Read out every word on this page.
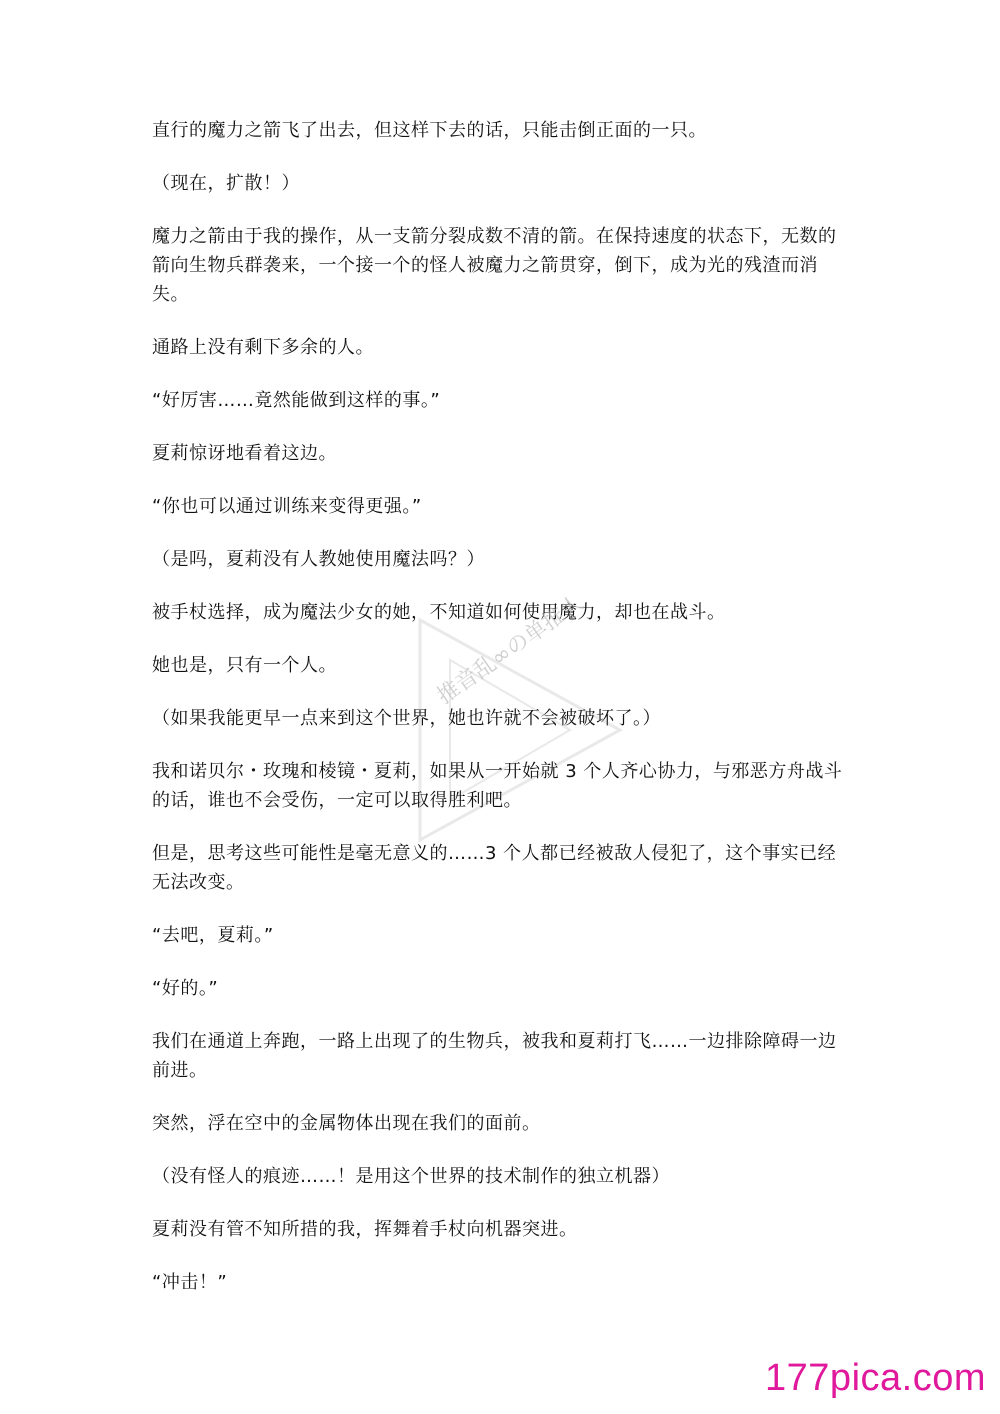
直行的魔力之箭飞了出去，但这样下去的话，只能击倒正面的一只。

（现在，扩散！）

魔力之箭由于我的操作，从一支箭分裂成数不清的箭。在保持速度的状态下，无数的箭向生物兵群袭来，一个接一个的怪人被魔力之箭贯穿，倒下，成为光的残渣而消失。

通路上没有剩下多余的人。

“好厉害……竟然能做到这样的事。”

夏莉惊讶地看着这边。

“你也可以通过训练来变得更强。”

（是吗，夏莉没有人教她使用魔法吗？）

被手杖选择，成为魔法少女的她，不知道如何使用魔力，却也在战斗。

她也是，只有一个人。

（如果我能更早一点来到这个世界，她也许就不会被破坏了。）

我和诺贝尔・玫瑰和棱镜・夏莉，如果从一开始就 3 个人齐心协力，与邪恶方舟战斗的话，谁也不会受伤，一定可以取得胜利吧。

但是，思考这些可能性是毫无意义的……3 个人都已经被敌人侵犯了，这个事实已经无法改变。

“去吧，夏莉。”

“好的。”

我们在通道上奔跑，一路上出现了的生物兵，被我和夏莉打飞……一边排除障碍一边前进。

突然，浮在空中的金属物体出现在我们的面前。

（没有怪人的痕迹……！是用这个世界的技术制作的独立机器）

夏莉没有管不知所措的我，挥舞着手杖向机器突进。

“冲击！”

推音乱∞の单推人
177pica.com
